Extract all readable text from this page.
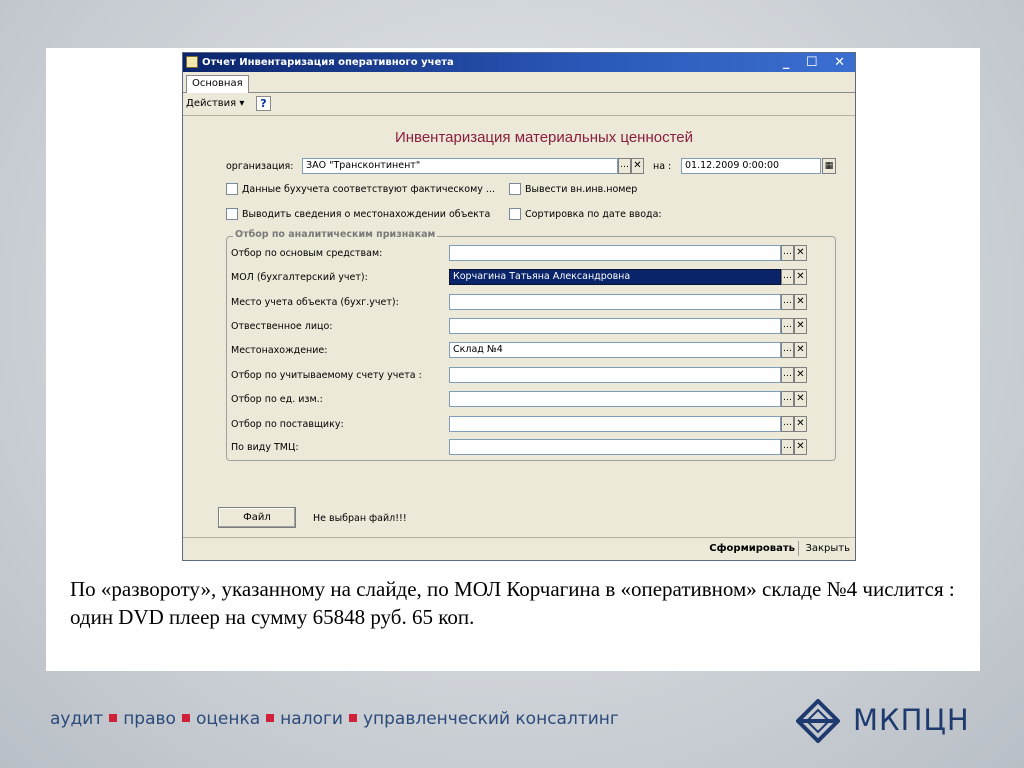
Отчет Инвентаризация оперативного учета	_ ☐ ✕
Основная
Действия ▾	?
Инвентаризация материальных ценностей
организация:	ЗАО "Трансконтинент"	… ✕ на :	01.12.2009 0:00:00	▦
Данные бухучета соответствуют фактическому ...	Вывести вн.инв.номер
Выводить сведения о местонахождении объекта	Сортировка по дате ввода:
Отбор по аналитическим признакам
Отбор по основым средствам:	… ✕
МОЛ (бухгалтерский учет):	Корчагина Татьяна Александровна	… ✕
Место учета объекта (бухг.учет):	… ✕
Отвественное лицо:	… ✕
Местонахождение:	Склад №4	… ✕
Отбор по учитываемому счету учета :	… ✕
Отбор по ед. изм.:	… ✕
Отбор по поставщику:	… ✕
По виду ТМЦ:	… ✕
Файл	Не выбран файл!!!
Сформировать Закрыть
По «развороту», указанному на слайде, по МОЛ Корчагина в «оперативном» складе №4 числится :
один DVD плеер на сумму 65848 руб. 65 коп.
аудит право оценка налоги управленческий консалтинг	МКПЦН
